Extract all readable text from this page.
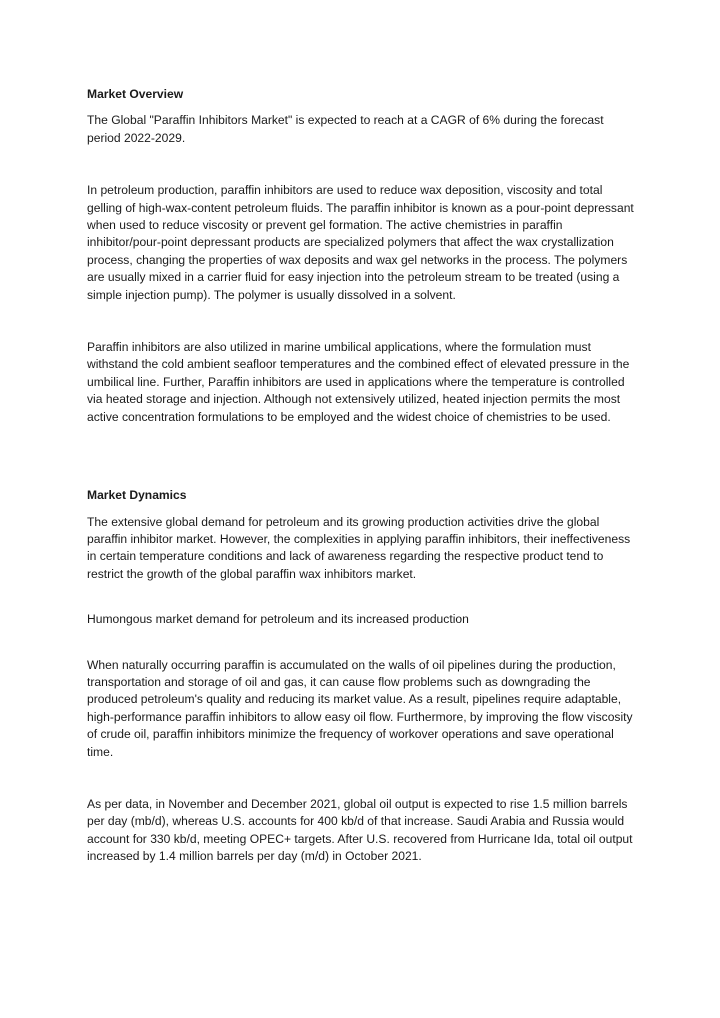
Market Overview

The Global "Paraffin Inhibitors Market" is expected to reach at a CAGR of 6% during the forecast period 2022-2029.

In petroleum production, paraffin inhibitors are used to reduce wax deposition, viscosity and total gelling of high-wax-content petroleum fluids. The paraffin inhibitor is known as a pour-point depressant when used to reduce viscosity or prevent gel formation. The active chemistries in paraffin inhibitor/pour-point depressant products are specialized polymers that affect the wax crystallization process, changing the properties of wax deposits and wax gel networks in the process. The polymers are usually mixed in a carrier fluid for easy injection into the petroleum stream to be treated (using a simple injection pump). The polymer is usually dissolved in a solvent.

Paraffin inhibitors are also utilized in marine umbilical applications, where the formulation must withstand the cold ambient seafloor temperatures and the combined effect of elevated pressure in the umbilical line. Further, Paraffin inhibitors are used in applications where the temperature is controlled via heated storage and injection. Although not extensively utilized, heated injection permits the most active concentration formulations to be employed and the widest choice of chemistries to be used.

Market Dynamics

The extensive global demand for petroleum and its growing production activities drive the global paraffin inhibitor market. However, the complexities in applying paraffin inhibitors, their ineffectiveness in certain temperature conditions and lack of awareness regarding the respective product tend to restrict the growth of the global paraffin wax inhibitors market.

Humongous market demand for petroleum and its increased production

When naturally occurring paraffin is accumulated on the walls of oil pipelines during the production, transportation and storage of oil and gas, it can cause flow problems such as downgrading the produced petroleum's quality and reducing its market value. As a result, pipelines require adaptable, high-performance paraffin inhibitors to allow easy oil flow. Furthermore, by improving the flow viscosity of crude oil, paraffin inhibitors minimize the frequency of workover operations and save operational time.

As per data, in November and December 2021, global oil output is expected to rise 1.5 million barrels per day (mb/d), whereas U.S. accounts for 400 kb/d of that increase. Saudi Arabia and Russia would account for 330 kb/d, meeting OPEC+ targets. After U.S. recovered from Hurricane Ida, total oil output increased by 1.4 million barrels per day (m/d) in October 2021.
